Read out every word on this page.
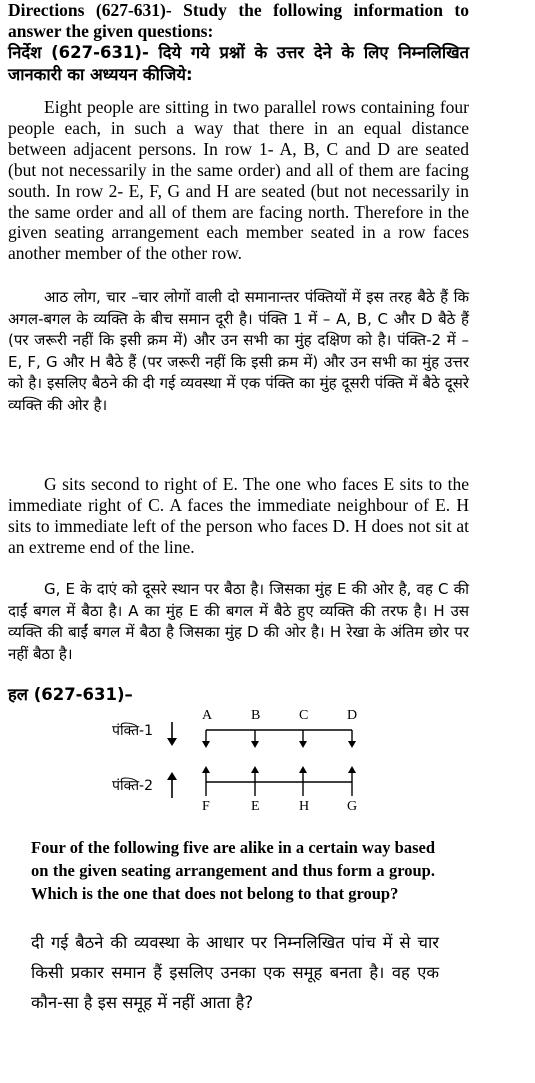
Directions (627-631)- Study the following information to answer the given questions:

निर्देश (627-631)- दिये गये प्रश्नों के उत्तर देने के लिए निम्नलिखित जानकारी का अध्ययन कीजिये:

Eight people are sitting in two parallel rows containing four people each, in such a way that there in an equal distance between adjacent persons. In row 1- A, B, C and D are seated (but not necessarily in the same order) and all of them are facing south. In row 2- E, F, G and H are seated (but not necessarily in the same order and all of them are facing north. Therefore in the given seating arrangement each member seated in a row faces another member of the other row.

आठ लोग, चार –चार लोगों वाली दो समानान्तर पंक्तियों में इस तरह बैठे हैं कि अगल-बगल के व्यक्ति के बीच समान दूरी है। पंक्ति 1 में – A, B, C और D बैठे हैं (पर जरूरी नहीं कि इसी क्रम में) और उन सभी का मुंह दक्षिण को है। पंक्ति-2 में – E, F, G और H बैठे हैं (पर जरूरी नहीं कि इसी क्रम में) और उन सभी का मुंह उत्तर को है। इसलिए बैठने की दी गई व्यवस्था में एक पंक्ति का मुंह दूसरी पंक्ति में बैठे दूसरे व्यक्ति की ओर है।

G sits second to right of E. The one who faces E sits to the immediate right of C. A faces the immediate neighbour of E. H sits to immediate left of the person who faces D. H does not sit at an extreme end of the line.

G, E के दाएं को दूसरे स्थान पर बैठा है। जिसका मुंह E की ओर है, वह C की दाईं बगल में बैठा है। A का मुंह E की बगल में बैठे हुए व्यक्ति की तरफ है। H उस व्यक्ति की बाईं बगल में बैठा है जिसका मुंह D की ओर है। H रेखा के अंतिम छोर पर नहीं बैठा है।

हल (627-631)–

पंक्ति-1
पंक्ति-2
A	B	C	D
F	E	H	G

Four of the following five are alike in a certain way based on the given seating arrangement and thus form a group. Which is the one that does not belong to that group?

दी गई बैठने की व्यवस्था के आधार पर निम्नलिखित पांच में से चार किसी प्रकार समान हैं इसलिए उनका एक समूह बनता है। वह एक कौन-सा है इस समूह में नहीं आता है?
